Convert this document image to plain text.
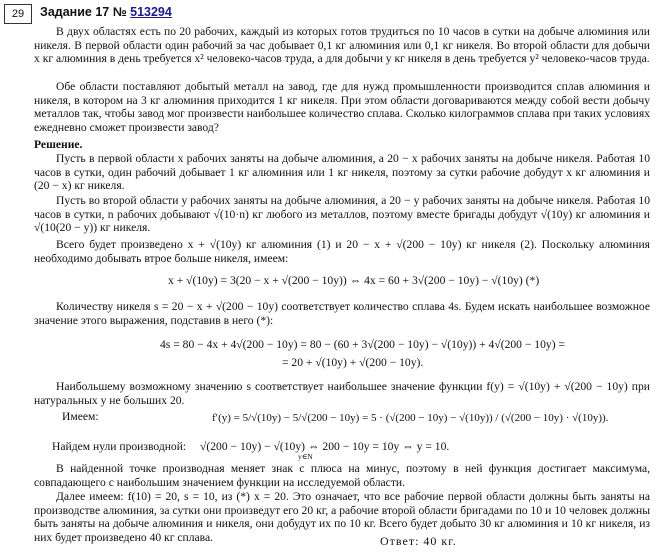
29	Задание 17 № 513294
В двух областях есть по 20 рабочих, каждый из которых готов трудиться по 10 часов в сутки на добыче алюминия или никеля. В первой области один рабочий за час добывает 0,1 кг алюминия или 0,1 кг никеля. Во второй области для добычи x кг алюминия в день требуется x² человеко-часов труда, а для добычи y кг никеля в день требуется y² человеко-часов труда.
Обе области поставляют добытый металл на завод, где для нужд промышленности производится сплав алюминия и никеля, в котором на 3 кг алюминия приходится 1 кг никеля. При этом области договариваются между собой вести добычу металлов так, чтобы завод мог произвести наибольшее количество сплава. Сколько килограммов сплава при таких условиях ежедневно сможет произвести завод?
Решение.
Пусть в первой области x рабочих заняты на добыче алюминия, а 20 − x рабочих заняты на добыче никеля. Работая 10 часов в сутки, один рабочий добывает 1 кг алюминия или 1 кг никеля, поэтому за сутки рабочие добудут x кг алюминия и (20 − x) кг никеля.
Пусть во второй области y рабочих заняты на добыче алюминия, а 20 − y рабочих заняты на добыче никеля. Работая 10 часов в сутки, n рабочих добывают √(10·n) кг любого из металлов, поэтому вместе бригады добудут √(10y) кг алюминия и √(10(20 − y)) кг никеля.
Всего будет произведено x + √(10y) кг алюминия (1) и 20 − x + √(200 − 10y) кг никеля (2). Поскольку алюминия необходимо добывать втрое больше никеля, имеем:
x + √(10y) = 3(20 − x + √(200 − 10y)) ⇔ 4x = 60 + 3√(200 − 10y) − √(10y) (*)
Количеству никеля s = 20 − x + √(200 − 10y) соответствует количество сплава 4s. Будем искать наибольшее возможное значение этого выражения, подставив в него (*):
4s = 80 − 4x + 4√(200 − 10y) = 80 − (60 + 3√(200 − 10y) − √(10y)) + 4√(200 − 10y) =
= 20 + √(10y) + √(200 − 10y).
Наибольшему возможному значению s соответствует наибольшее значение функции f(y) = √(10y) + √(200 − 10y) при натуральных y не больших 20.
Имеем:	f′(y) = 5/√(10y) − 5/√(200 − 10y) = 5 · (√(200 − 10y) − √(10y)) / (√(200 − 10y) · √(10y)).
Найдем нули производной: √(200 − 10y) − √(10y) ⇔ 200 − 10y = 10y ⇔ y = 10.
y∈N
В найденной точке производная меняет знак с плюса на минус, поэтому в ней функция достигает максимума, совпадающего с наибольшим значением функции на исследуемой области.
Далее имеем: f(10) = 20, s = 10, из (*) x = 20. Это означает, что все рабочие первой области должны быть заняты на производстве алюминия, за сутки они произведут его 20 кг, а рабочие второй области бригадами по 10 и 10 человек должны быть заняты на добыче алюминия и никеля, они добудут их по 10 кг. Всего будет добыто 30 кг алюминия и 10 кг никеля, из них будет произведено 40 кг сплава.	Ответ: 40 кг.
